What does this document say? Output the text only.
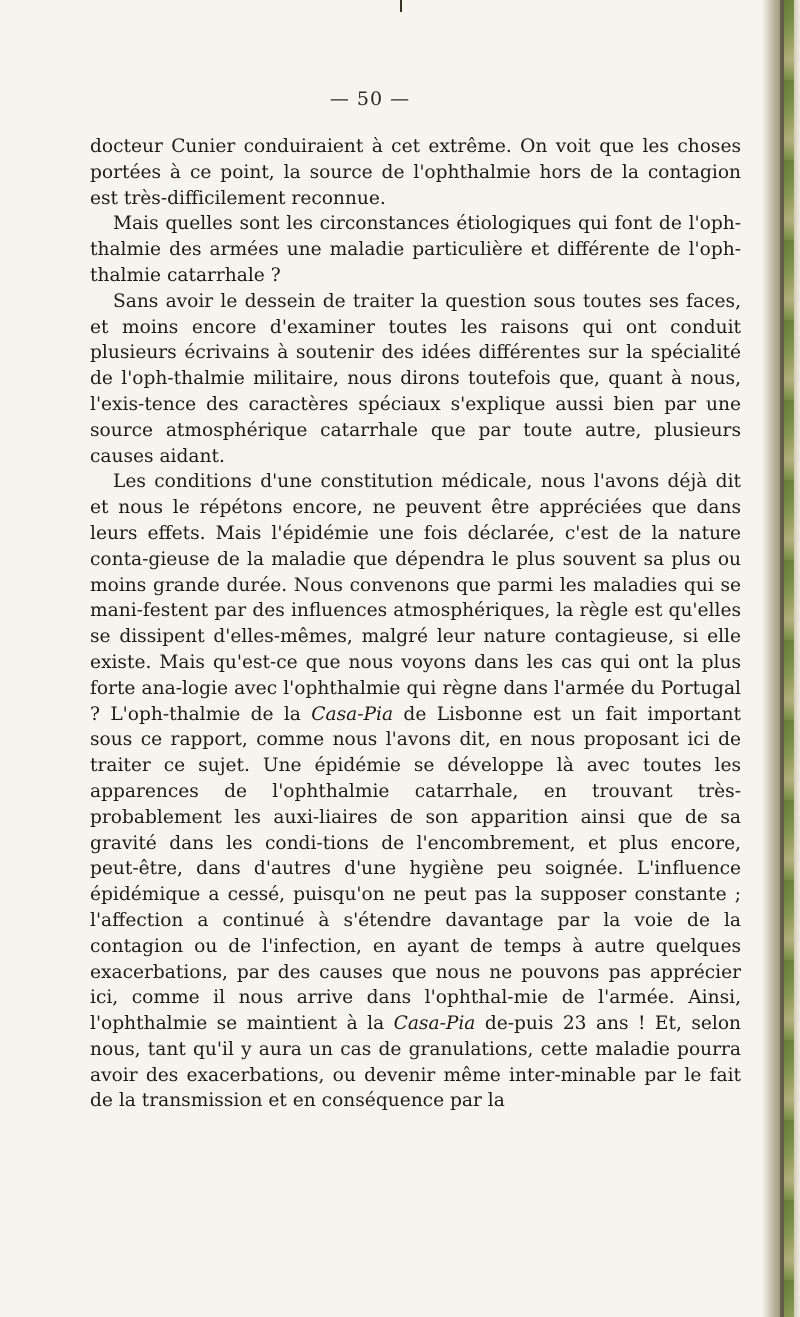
— 50 —

docteur Cunier conduiraient à cet extrême. On voit que les choses portées à ce point, la source de l'ophthalmie hors de la contagion est très-difficilement reconnue.

Mais quelles sont les circonstances étiologiques qui font de l'oph-thalmie des armées une maladie particulière et différente de l'oph-thalmie catarrhale ?

Sans avoir le dessein de traiter la question sous toutes ses faces, et moins encore d'examiner toutes les raisons qui ont conduit plusieurs écrivains à soutenir des idées différentes sur la spécialité de l'oph-thalmie militaire, nous dirons toutefois que, quant à nous, l'exis-tence des caractères spéciaux s'explique aussi bien par une source atmosphérique catarrhale que par toute autre, plusieurs causes aidant.

Les conditions d'une constitution médicale, nous l'avons déjà dit et nous le répétons encore, ne peuvent être appréciées que dans leurs effets. Mais l'épidémie une fois déclarée, c'est de la nature conta-gieuse de la maladie que dépendra le plus souvent sa plus ou moins grande durée. Nous convenons que parmi les maladies qui se mani-festent par des influences atmosphériques, la règle est qu'elles se dissipent d'elles-mêmes, malgré leur nature contagieuse, si elle existe. Mais qu'est-ce que nous voyons dans les cas qui ont la plus forte ana-logie avec l'ophthalmie qui règne dans l'armée du Portugal ? L'oph-thalmie de la Casa-Pia de Lisbonne est un fait important sous ce rapport, comme nous l'avons dit, en nous proposant ici de traiter ce sujet. Une épidémie se développe là avec toutes les apparences de l'ophthalmie catarrhale, en trouvant très-probablement les auxi-liaires de son apparition ainsi que de sa gravité dans les condi-tions de l'encombrement, et plus encore, peut-être, dans d'autres d'une hygiène peu soignée. L'influence épidémique a cessé, puisqu'on ne peut pas la supposer constante ; l'affection a continué à s'étendre davantage par la voie de la contagion ou de l'infection, en ayant de temps à autre quelques exacerbations, par des causes que nous ne pouvons pas apprécier ici, comme il nous arrive dans l'ophthal-mie de l'armée. Ainsi, l'ophthalmie se maintient à la Casa-Pia de-puis 23 ans ! Et, selon nous, tant qu'il y aura un cas de granulations, cette maladie pourra avoir des exacerbations, ou devenir même inter-minable par le fait de la transmission et en conséquence par la
